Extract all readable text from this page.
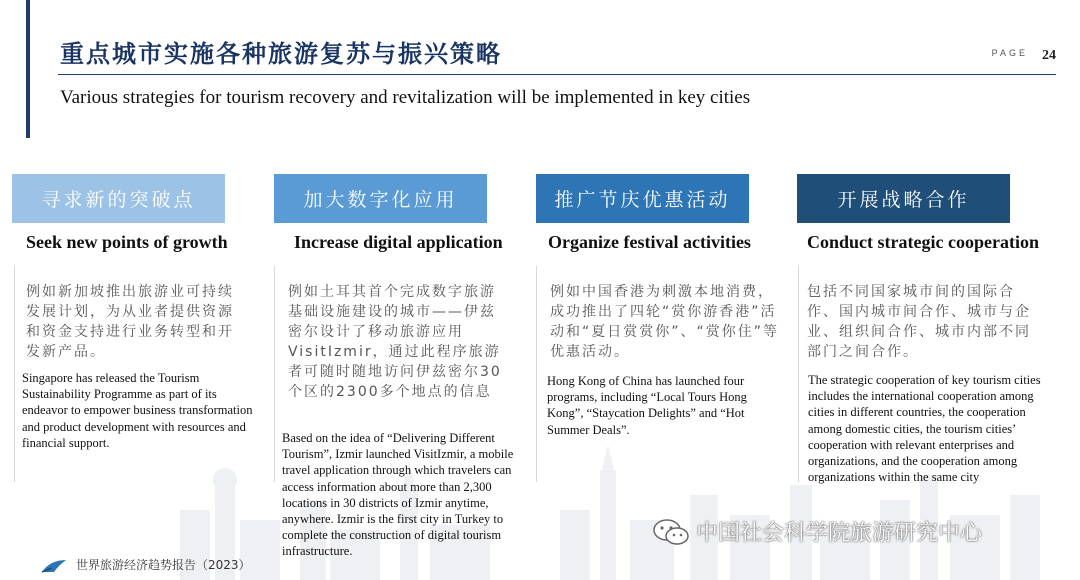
重点城市实施各种旅游复苏与振兴策略	PAGE 24
Various strategies for tourism recovery and revitalization will be implemented in key cities
寻求新的突破点
Seek new points of growth
例如新加坡推出旅游业可持续发展计划，为从业者提供资源和资金支持进行业务转型和开发新产品。
Singapore has released the Tourism Sustainability Programme as part of its endeavor to empower business transformation and product development with resources and financial support.
加大数字化应用
Increase digital application
例如土耳其首个完成数字旅游基础设施建设的城市——伊兹密尔设计了移动旅游应用VisitIzmir，通过此程序旅游者可随时随地访问伊兹密尔30个区的2300多个地点的信息
Based on the idea of “Delivering Different Tourism”, Izmir launched VisitIzmir, a mobile travel application through which travelers can access information about more than 2,300 locations in 30 districts of Izmir anytime, anywhere. Izmir is the first city in Turkey to complete the construction of digital tourism infrastructure.
推广节庆优惠活动
Organize festival activities
例如中国香港为刺激本地消费，成功推出了四轮“赏你游香港”活动和“夏日赏赏你”、“赏你住”等优惠活动。
Hong Kong of China has launched four programs, including “Local Tours Hong Kong”, “Staycation Delights” and “Hot Summer Deals”.
开展战略合作
Conduct strategic cooperation
包括不同国家城市间的国际合作、国内城市间合作、城市与企业、组织间合作、城市内部不同部门之间合作。
The strategic cooperation of key tourism cities includes the international cooperation among cities in different countries, the cooperation among domestic cities, the tourism cities’ cooperation with relevant enterprises and organizations, and the cooperation among organizations within the same city
世界旅游经济趋势报告（2023）
中国社会科学院旅游研究中心
